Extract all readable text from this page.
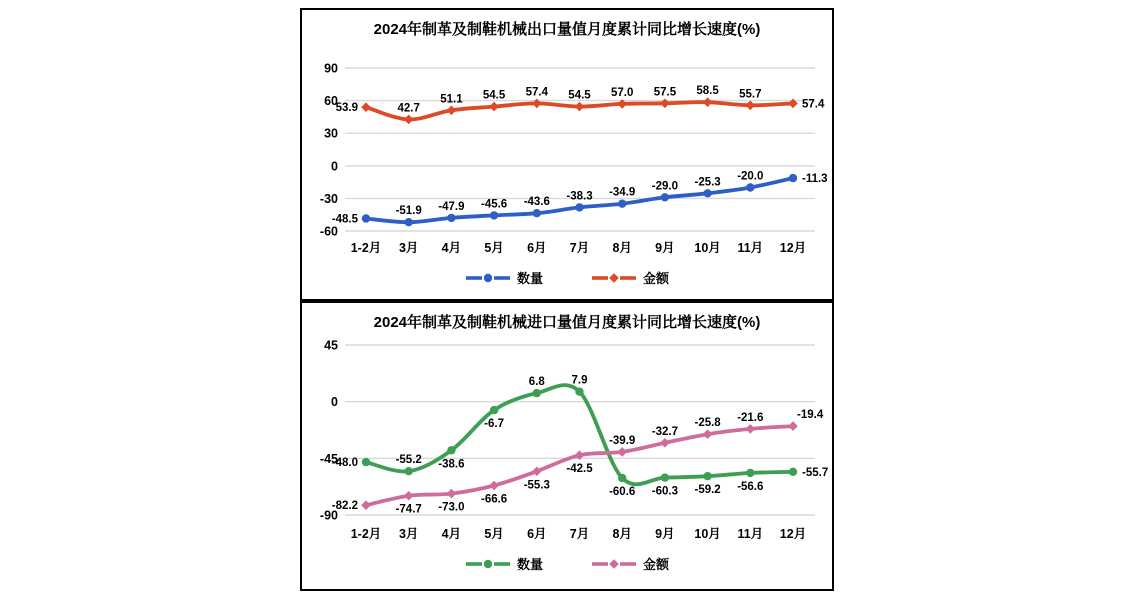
2024年制革及制鞋机械出口量值月度累计同比增长速度(%)
90
60
30
0
-30
-60
1-2月 3月 4月 5月 6月 7月 8月 9月 10月 11月 12月
-48.5
-51.9 -47.9 -45.6 -43.6 -38.3 -34.9
-29.0 -25.3 -20.0	-11.3
53.9	42.7
51.1 54.5 57.4 54.5 57.0 57.5 58.5 55.7
57.4
数量	金额
2024年制革及制鞋机械进口量值月度累计同比增长速度(%)
45
0
-45
-90
1-2月 3月 4月 5月 6月 7月 8月 9月 10月 11月 12月
-48.0	-55.2 -38.6
-6.7
6.8 7.9
-60.6 -60.3 -59.2 -56.6
-55.7
-82.2	-74.7 -73.0
-66.6
-55.3
-42.5
-39.9
-32.7
-25.8 -21.6	-19.4
数量	金额
